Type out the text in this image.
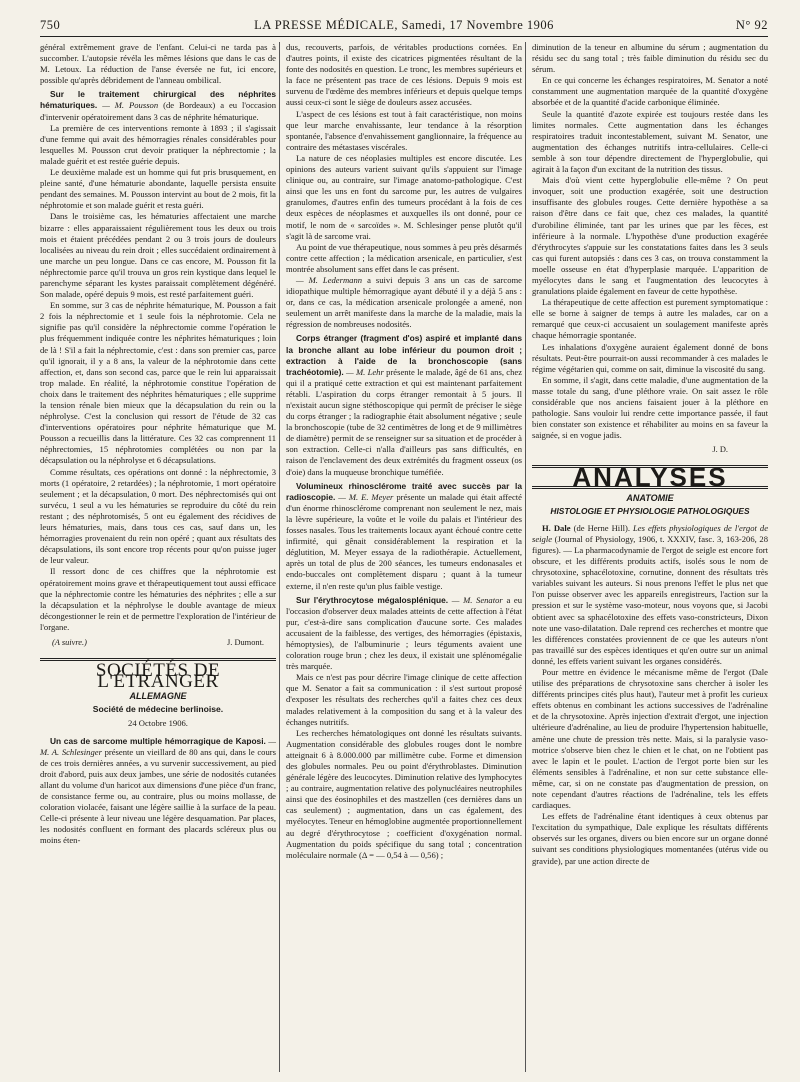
750	LA PRESSE MÉDICALE, Samedi, 17 Novembre 1906	N° 92

général extrêmement grave de l'enfant. Celui-ci ne tarda pas à succomber. L'autopsie révéla les mêmes lésions que dans le cas de M. Letoux. La réduction de l'anse éversée ne fut, ici encore, possible qu'après débridement de l'anneau ombilical.

Sur le traitement chirurgical des néphrites hématuriques. — M. Pousson (de Bordeaux) a eu l'occasion d'intervenir opératoirement dans 3 cas de néphrite hématurique.

La première de ces interventions remonte à 1893 ; il s'agissait d'une femme qui avait des hémorragies rénales considérables pour lesquelles M. Pousson crut devoir pratiquer la néphrectomie ; la malade guérit et est restée guérie depuis.

Le deuxième malade est un homme qui fut pris brusquement, en pleine santé, d'une hématurie abondante, laquelle persista ensuite pendant des semaines. M. Pousson intervint au bout de 2 mois, fit la néphrotomie et son malade guérit et resta guéri.

Dans le troisième cas, les hématuries affectaient une marche bizarre : elles apparaissaient régulièrement tous les deux ou trois mois et étaient précédées pendant 2 ou 3 trois jours de douleurs localisées au niveau du rein droit ; elles succédaient ordinairement à une marche un peu longue. Dans ce cas encore, M. Pousson fit la néphrectomie parce qu'il trouva un gros rein kystique dans lequel le parenchyme séparant les kystes paraissait complètement dégénéré. Son malade, opéré depuis 9 mois, est resté parfaitement guéri.

En somme, sur 3 cas de néphrite hématurique, M. Pousson a fait 2 fois la néphrectomie et 1 seule fois la néphrotomie. Cela ne signifie pas qu'il considère la néphrectomie comme l'opération le plus fréquemment indiquée contre les néphrites hématuriques ; loin de là ! S'il a fait la néphrectomie, c'est : dans son premier cas, parce qu'il ignorait, il y a 8 ans, la valeur de la néphrotomie dans cette affection, et, dans son second cas, parce que le rein lui apparaissait trop malade. En réalité, la néphrotomie constitue l'opération de choix dans le traitement des néphrites hématuriques ; elle supprime la tension rénale bien mieux que la décapsulation du rein ou la néphrolyse. C'est la conclusion qui ressort de l'étude de 32 cas d'interventions opératoires pour néphrite hématurique que M. Pousson a recueillis dans la littérature. Ces 32 cas comprennent 11 néphrectomies, 15 néphrotomies complétées ou non par la décapsulation ou la néphrolyse et 6 décapsulations.

Comme résultats, ces opérations ont donné : la néphrectomie, 3 morts (1 opératoire, 2 retardées) ; la néphrotomie, 1 mort opératoire seulement ; et la décapsulation, 0 mort. Des néphrectomisés qui ont survécu, 1 seul a vu les hématuries se reproduire du côté du rein restant ; des néphrotomisés, 5 ont eu également des récidives de leurs hématuries, mais, dans tous ces cas, sauf dans un, les hémorragies provenaient du rein non opéré ; quant aux résultats des décapsulations, ils sont encore trop récents pour qu'on puisse juger de leur valeur.

Il ressort donc de ces chiffres que la néphrotomie est opératoirement moins grave et thérapeutiquement tout aussi efficace que la néphrectomie contre les hématuries des néphrites ; elle a sur la décapsulation et la néphrolyse le double avantage de mieux décongestionner le rein et de permettre l'exploration de l'intérieur de l'organe.

(A suivre.)	J. Dumont.
SOCIÉTÉS DE L'ÉTRANGER
ALLEMAGNE
Société de médecine berlinoise.
24 Octobre 1906.

Un cas de sarcome multiple hémorragique de Kaposi. — M. A. Schlesinger présente un vieillard de 80 ans qui, dans le cours de ces trois dernières années, a vu survenir successivement, au pied droit d'abord, puis aux deux jambes, une série de nodosités cutanées allant du volume d'un haricot aux dimensions d'une pièce d'un franc, de consistance ferme ou, au contraire, plus ou moins mollasse, de coloration violacée, faisant une légère saillie à la surface de la peau. Celle-ci présente à leur niveau une légère desquamation. Par places, les nodosités confluent en formant des placards scléreux plus ou moins éten-

dus, recouverts, parfois, de véritables productions cornées. En d'autres points, il existe des cicatrices pigmentées résultant de la fonte des nodosités en question. Le tronc, les membres supérieurs et la face ne présentent pas trace de ces lésions. Depuis 9 mois est survenu de l'œdème des membres inférieurs et depuis quelque temps aussi ceux-ci sont le siège de douleurs assez accusées.

L'aspect de ces lésions est tout à fait caractéristique, non moins que leur marche envahissante, leur tendance à la résorption spontanée, l'absence d'envahissement ganglionnaire, la fréquence au contraire des métastases viscérales.

La nature de ces néoplasies multiples est encore discutée. Les opinions des auteurs varient suivant qu'ils s'appuient sur l'image clinique ou, au contraire, sur l'image anatomo-pathologique. C'est ainsi que les uns en font du sarcome pur, les autres de vulgaires granulomes, d'autres enfin des tumeurs procédant à la fois de ces deux espèces de néoplasmes et auxquelles ils ont donné, pour ce motif, le nom de « sarcoïdes ». M. Schlesinger pense plutôt qu'il s'agit là de sarcome vrai.

Au point de vue thérapeutique, nous sommes à peu près désarmés contre cette affection ; la médication arsenicale, en particulier, s'est montrée absolument sans effet dans le cas présent.

— M. Ledermann a suivi depuis 3 ans un cas de sarcome idiopathique multiple hémorragique ayant débuté il y a déjà 5 ans : or, dans ce cas, la médication arsenicale prolongée a amené, non seulement un arrêt manifeste dans la marche de la maladie, mais la régression de nombreuses nodosités.

Corps étranger (fragment d'os) aspiré et implanté dans la bronche allant au lobe inférieur du poumon droit ; extraction à l'aide de la bronchoscopie (sans trachéotomie). — M. Lehr présente le malade, âgé de 61 ans, chez qui il a pratiqué cette extraction et qui est maintenant parfaitement rétabli. L'aspiration du corps étranger remontait à 5 jours. Il n'existait aucun signe stéthoscopique qui permît de préciser le siège du corps étranger ; la radiographie était absolument négative ; seule la bronchoscopie (tube de 32 centimètres de long et de 9 millimètres de diamètre) permit de se renseigner sur sa situation et de procéder à son extraction. Celle-ci n'alla d'ailleurs pas sans difficultés, en raison de l'enclavement des deux extrémités du fragment osseux (os d'oie) dans la muqueuse bronchique tuméfiée.

Volumineux rhinosclérome traité avec succès par la radioscopie. — M. E. Meyer présente un malade qui était affecté d'un énorme rhinosclérome comprenant non seulement le nez, mais la lèvre supérieure, la voûte et le voile du palais et l'intérieur des fosses nasales. Tous les traitements locaux ayant échoué contre cette infirmité, qui gênait considérablement la respiration et la déglutition, M. Meyer essaya de la radiothérapie. Actuellement, après un total de plus de 200 séances, les tumeurs endonasales et endo-buccales ont complètement disparu ; quant à la tumeur externe, il n'en reste qu'un plus faible vestige.

Sur l'érythrocytose mégalosplénique. — M. Senator a eu l'occasion d'observer deux malades atteints de cette affection à l'état pur, c'est-à-dire sans complication d'aucune sorte. Ces malades accusaient de la faiblesse, des vertiges, des hémorragies (épistaxis, hémoptysies), de l'albuminurie ; leurs téguments avaient une coloration rouge brun ; chez les deux, il existait une splénomégalie très marquée.

Mais ce n'est pas pour décrire l'image clinique de cette affection que M. Senator a fait sa communication : il s'est surtout proposé d'exposer les résultats des recherches qu'il a faites chez ces deux malades relativement à la composition du sang et à la valeur des échanges nutritifs.

Les recherches hématologiques ont donné les résultats suivants. Augmentation considérable des globules rouges dont le nombre atteignait 6 à 8.000.000 par millimètre cube. Forme et dimension des globules normales. Peu ou point d'érythroblastes. Diminution générale légère des leucocytes. Diminution relative des lymphocytes ; au contraire, augmentation relative des polynucléaires neutrophiles ainsi que des éosinophiles et des mastzellen (ces dernières dans un cas seulement) ; augmentation, dans un cas également, des myélocytes. Teneur en hémoglobine augmentée proportionnellement au degré d'érythrocytose ; coefficient d'oxygénation normal. Augmentation du poids spécifique du sang total ; concentration moléculaire normale (Δ = — 0,54 à — 0,56) ;

diminution de la teneur en albumine du sérum ; augmentation du résidu sec du sang total ; très faible diminution du résidu sec du sérum.

En ce qui concerne les échanges respiratoires, M. Senator a noté constamment une augmentation marquée de la quantité d'oxygène absorbée et de la quantité d'acide carbonique éliminée.

Seule la quantité d'azote expirée est toujours restée dans les limites normales. Cette augmentation dans les échanges respiratoires traduit incontestablement, suivant M. Senator, une augmentation des échanges nutritifs intra-cellulaires. Celle-ci semble à son tour dépendre directement de l'hyperglobulie, qui agirait à la façon d'un excitant de la nutrition des tissus.

Mais d'où vient cette hyperglobulie elle-même ? On peut invoquer, soit une production exagérée, soit une destruction insuffisante des globules rouges. Cette dernière hypothèse a sa raison d'être dans ce fait que, chez ces malades, la quantité d'urobiline éliminée, tant par les urines que par les fèces, est inférieure à la normale. L'hypothèse d'une production exagérée d'érythrocytes s'appuie sur les constatations faites dans les 3 seuls cas qui furent autopsiés : dans ces 3 cas, on trouva constamment la moelle osseuse en état d'hyperplasie marquée. L'apparition de myélocytes dans le sang et l'augmentation des leucocytes à granulations plaide également en faveur de cette hypothèse.

La thérapeutique de cette affection est purement symptomatique : elle se borne à saigner de temps à autre les malades, car on a remarqué que ceux-ci accusaient un soulagement manifeste après chaque hémorragie spontanée.

Les inhalations d'oxygène auraient également donné de bons résultats. Peut-être pourrait-on aussi recommander à ces malades le régime végétarien qui, comme on sait, diminue la viscosité du sang.

En somme, il s'agit, dans cette maladie, d'une augmentation de la masse totale du sang, d'une pléthore vraie. On sait assez le rôle considérable que nos anciens faisaient jouer à la pléthore en pathologie. Sans vouloir lui rendre cette importance passée, il faut bien constater son existence et réhabiliter au moins en sa faveur la saignée, si en vogue jadis.

J. D.
ANALYSES
ANATOMIE
HISTOLOGIE ET PHYSIOLOGIE PATHOLOGIQUES

H. Dale (de Herne Hill). Les effets physiologiques de l'ergot de seigle (Journal of Physiology, 1906, t. XXXIV, fasc. 3, 163-206, 28 figures). — La pharmacodynamie de l'ergot de seigle est encore fort obscure, et les différents produits actifs, isolés sous le nom de chrysotoxine, sphacélotoxine, cornutine, donnent des résultats très variables suivant les auteurs. Si nous prenons l'effet le plus net que l'on puisse observer avec les appareils enregistreurs, l'action sur la pression et sur le système vaso-moteur, nous voyons que, si Jacobi obtient avec sa sphacélotoxine des effets vaso-constricteurs, Dixon note une vaso-dilatation. Dale reprend ces recherches et montre que les différences constatées proviennent de ce que les auteurs n'ont pas travaillé sur des espèces identiques et qu'en outre sur un animal donné, les effets varient suivant les organes considérés.

Pour mettre en évidence le mécanisme même de l'ergot (Dale utilise des préparations de chrysotoxine sans chercher à isoler les différents principes cités plus haut), l'auteur met à profit les curieux effets obtenus en combinant les actions successives de l'adrénaline et de la chrysotoxine. Après injection d'extrait d'ergot, une injection ultérieure d'adrénaline, au lieu de produire l'hypertension habituelle, amène une chute de pression très nette. Mais, si la paralysie vaso-motrice s'observe bien chez le chien et le chat, on ne l'obtient pas avec le lapin et le poulet. L'action de l'ergot porte bien sur les éléments sensibles à l'adrénaline, et non sur cette substance elle-même, car, si on ne constate pas d'augmentation de pression, on note cependant d'autres réactions de l'adrénaline, tels les effets cardiaques.

Les effets de l'adrénaline étant identiques à ceux obtenus par l'excitation du sympathique, Dale explique les résultats différents observés sur les organes, divers ou bien encore sur un organe donné suivant ses conditions physiologiques momentanées (utérus vide ou gravide), par une action directe de
